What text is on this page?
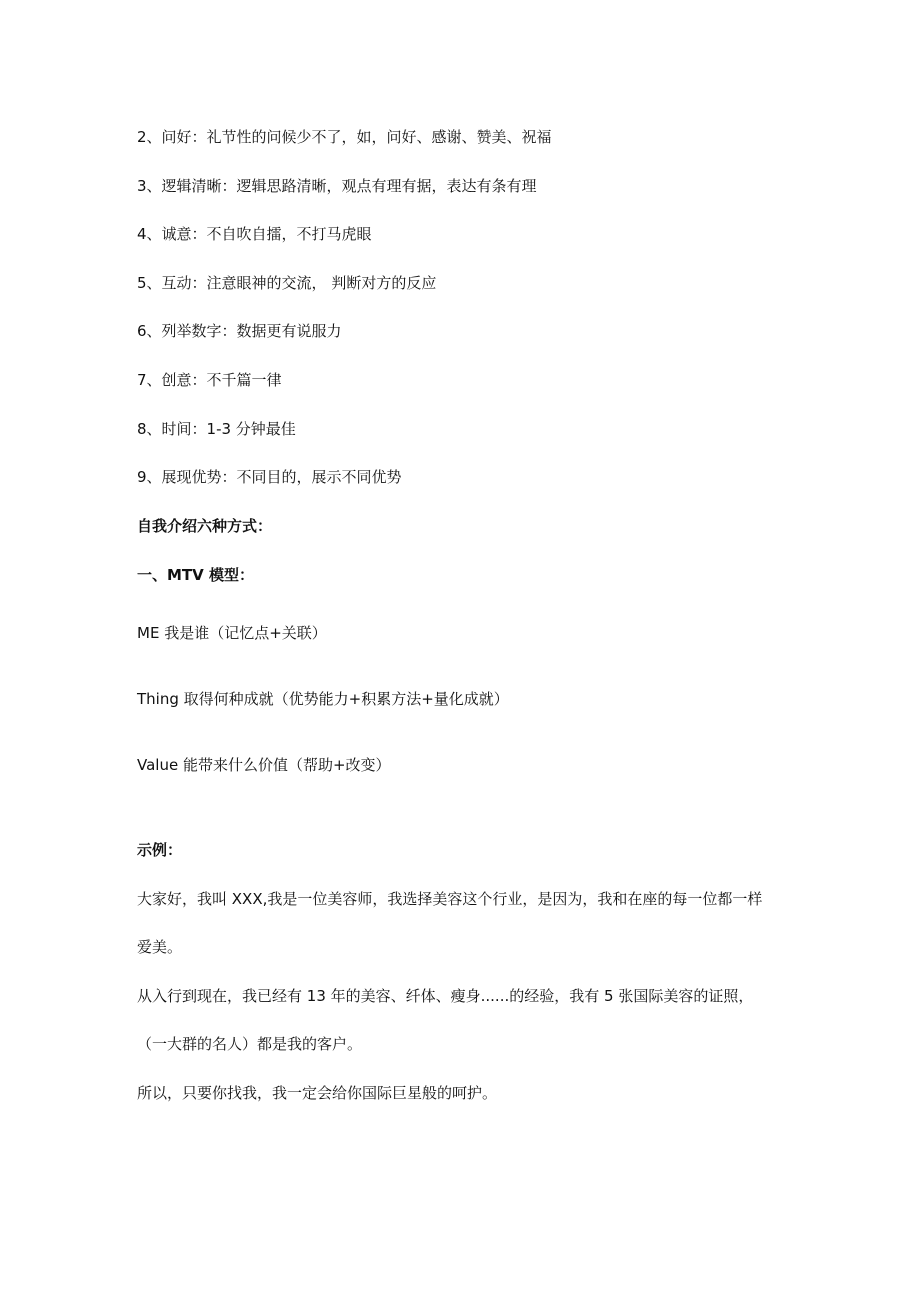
2、问好：礼节性的问候少不了，如，问好、感谢、赞美、祝福
3、逻辑清晰：逻辑思路清晰，观点有理有据，表达有条有理
4、诚意：不自吹自擂，不打马虎眼
5、互动：注意眼神的交流， 判断对方的反应
6、列举数字：数据更有说服力
7、创意：不千篇一律
8、时间：1-3 分钟最佳
9、展现优势：不同目的，展示不同优势
自我介绍六种方式：
一、MTV 模型：
ME 我是谁（记忆点+关联）
Thing 取得何种成就（优势能力+积累方法+量化成就）
Value 能带来什么价值（帮助+改变）
示例：
大家好，我叫 XXX,我是一位美容师，我选择美容这个行业，是因为，我和在座的每一位都一样
爱美。
从入行到现在，我已经有 13 年的美容、纤体、瘦身......的经验，我有 5 张国际美容的证照，
（一大群的名人）都是我的客户。
所以，只要你找我，我一定会给你国际巨星般的呵护。
